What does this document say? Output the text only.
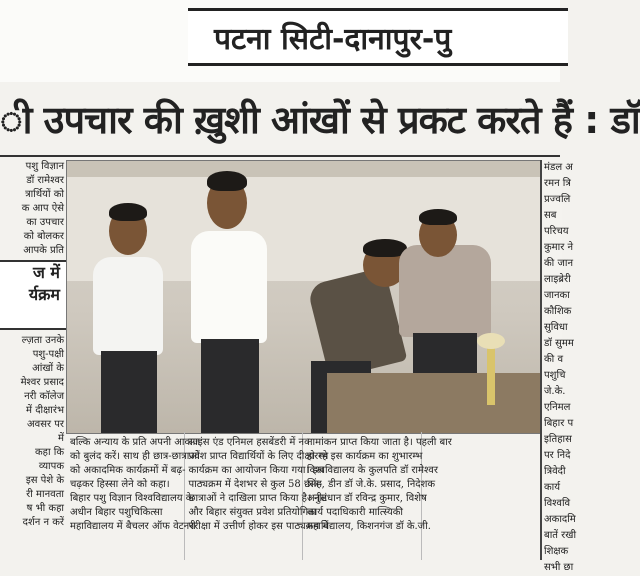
पटना सिटी-दानापुर-पु
ी उपचार की ख़ुशी आंखों से प्रकट करते हैं : डॉ
पशु विज्ञान
डॉ रामेश्वर
त्रार्थियों को
क आप ऐसे
का उपचार
को बोलकर
आपके प्रति
ज में
र्यक्रम
ल्ज़ता उनके
पशु-पक्षी
आंखों के
मेश्वर प्रसाद
नरी कॉलेज
में दीक्षारंभ
अवसर पर
में
कहा कि
व्यापक
इस पेशे के
री मानवता
ष भी कहा
दर्शन न करें
मंडल अ
रमन त्रि
प्रज्वलि
सब
परिचय
कुमार ने
की जान
लाइब्रेरी
जानका
कौशिक
सुविधा
डॉ सुमम
की व
पशुचि
जे.के.
एनिमल
बिहार प
इतिहास
पर निदे
त्रिवेदी
कार्य
विश्ववि
अकादमि
बातें रखी
शिक्षक
सभी छा
बल्कि अन्याय के प्रति अपनी आवाज
को बुलंद करें। साथ ही छात्र-छात्राओं
को अकादमिक कार्यक्रमों में बढ़-
चढ़कर हिस्सा लेने को कहा।
बिहार पशु विज्ञान विश्वविद्यालय के
अधीन बिहार पशुचिकित्सा
महाविद्यालय में बैचलर ऑफ वेटनरी
साइंस एंड एनिमल हसबेंडरी में नव
प्रवेश प्राप्त विद्यार्थियों के लिए दीक्षारम्भ
कार्यक्रम का आयोजन किया गया। इस
पाठ्यक्रम में देशभर से कुल 58 छात्र-
छात्राओं ने दाखिला प्राप्त किया है। नीट
और बिहार संयुक्त प्रवेश प्रतियोगिता
परीक्षा में उत्तीर्ण होकर इस पाठ्यक्रम में
नामांकन प्राप्त किया जाता है। पहली बार
हो रहे इस कार्यक्रम का शुभारम्भ
विश्वविद्यालय के कुलपति डॉ रामेश्वर
सिंह, डीन डॉ जे.के. प्रसाद, निदेशक
अनुसंधान डॉ रविन्द्र कुमार, विशेष
कार्य पदाधिकारी मात्स्यिकी
महाविद्यालय, किशनगंज डॉ के.जी.
